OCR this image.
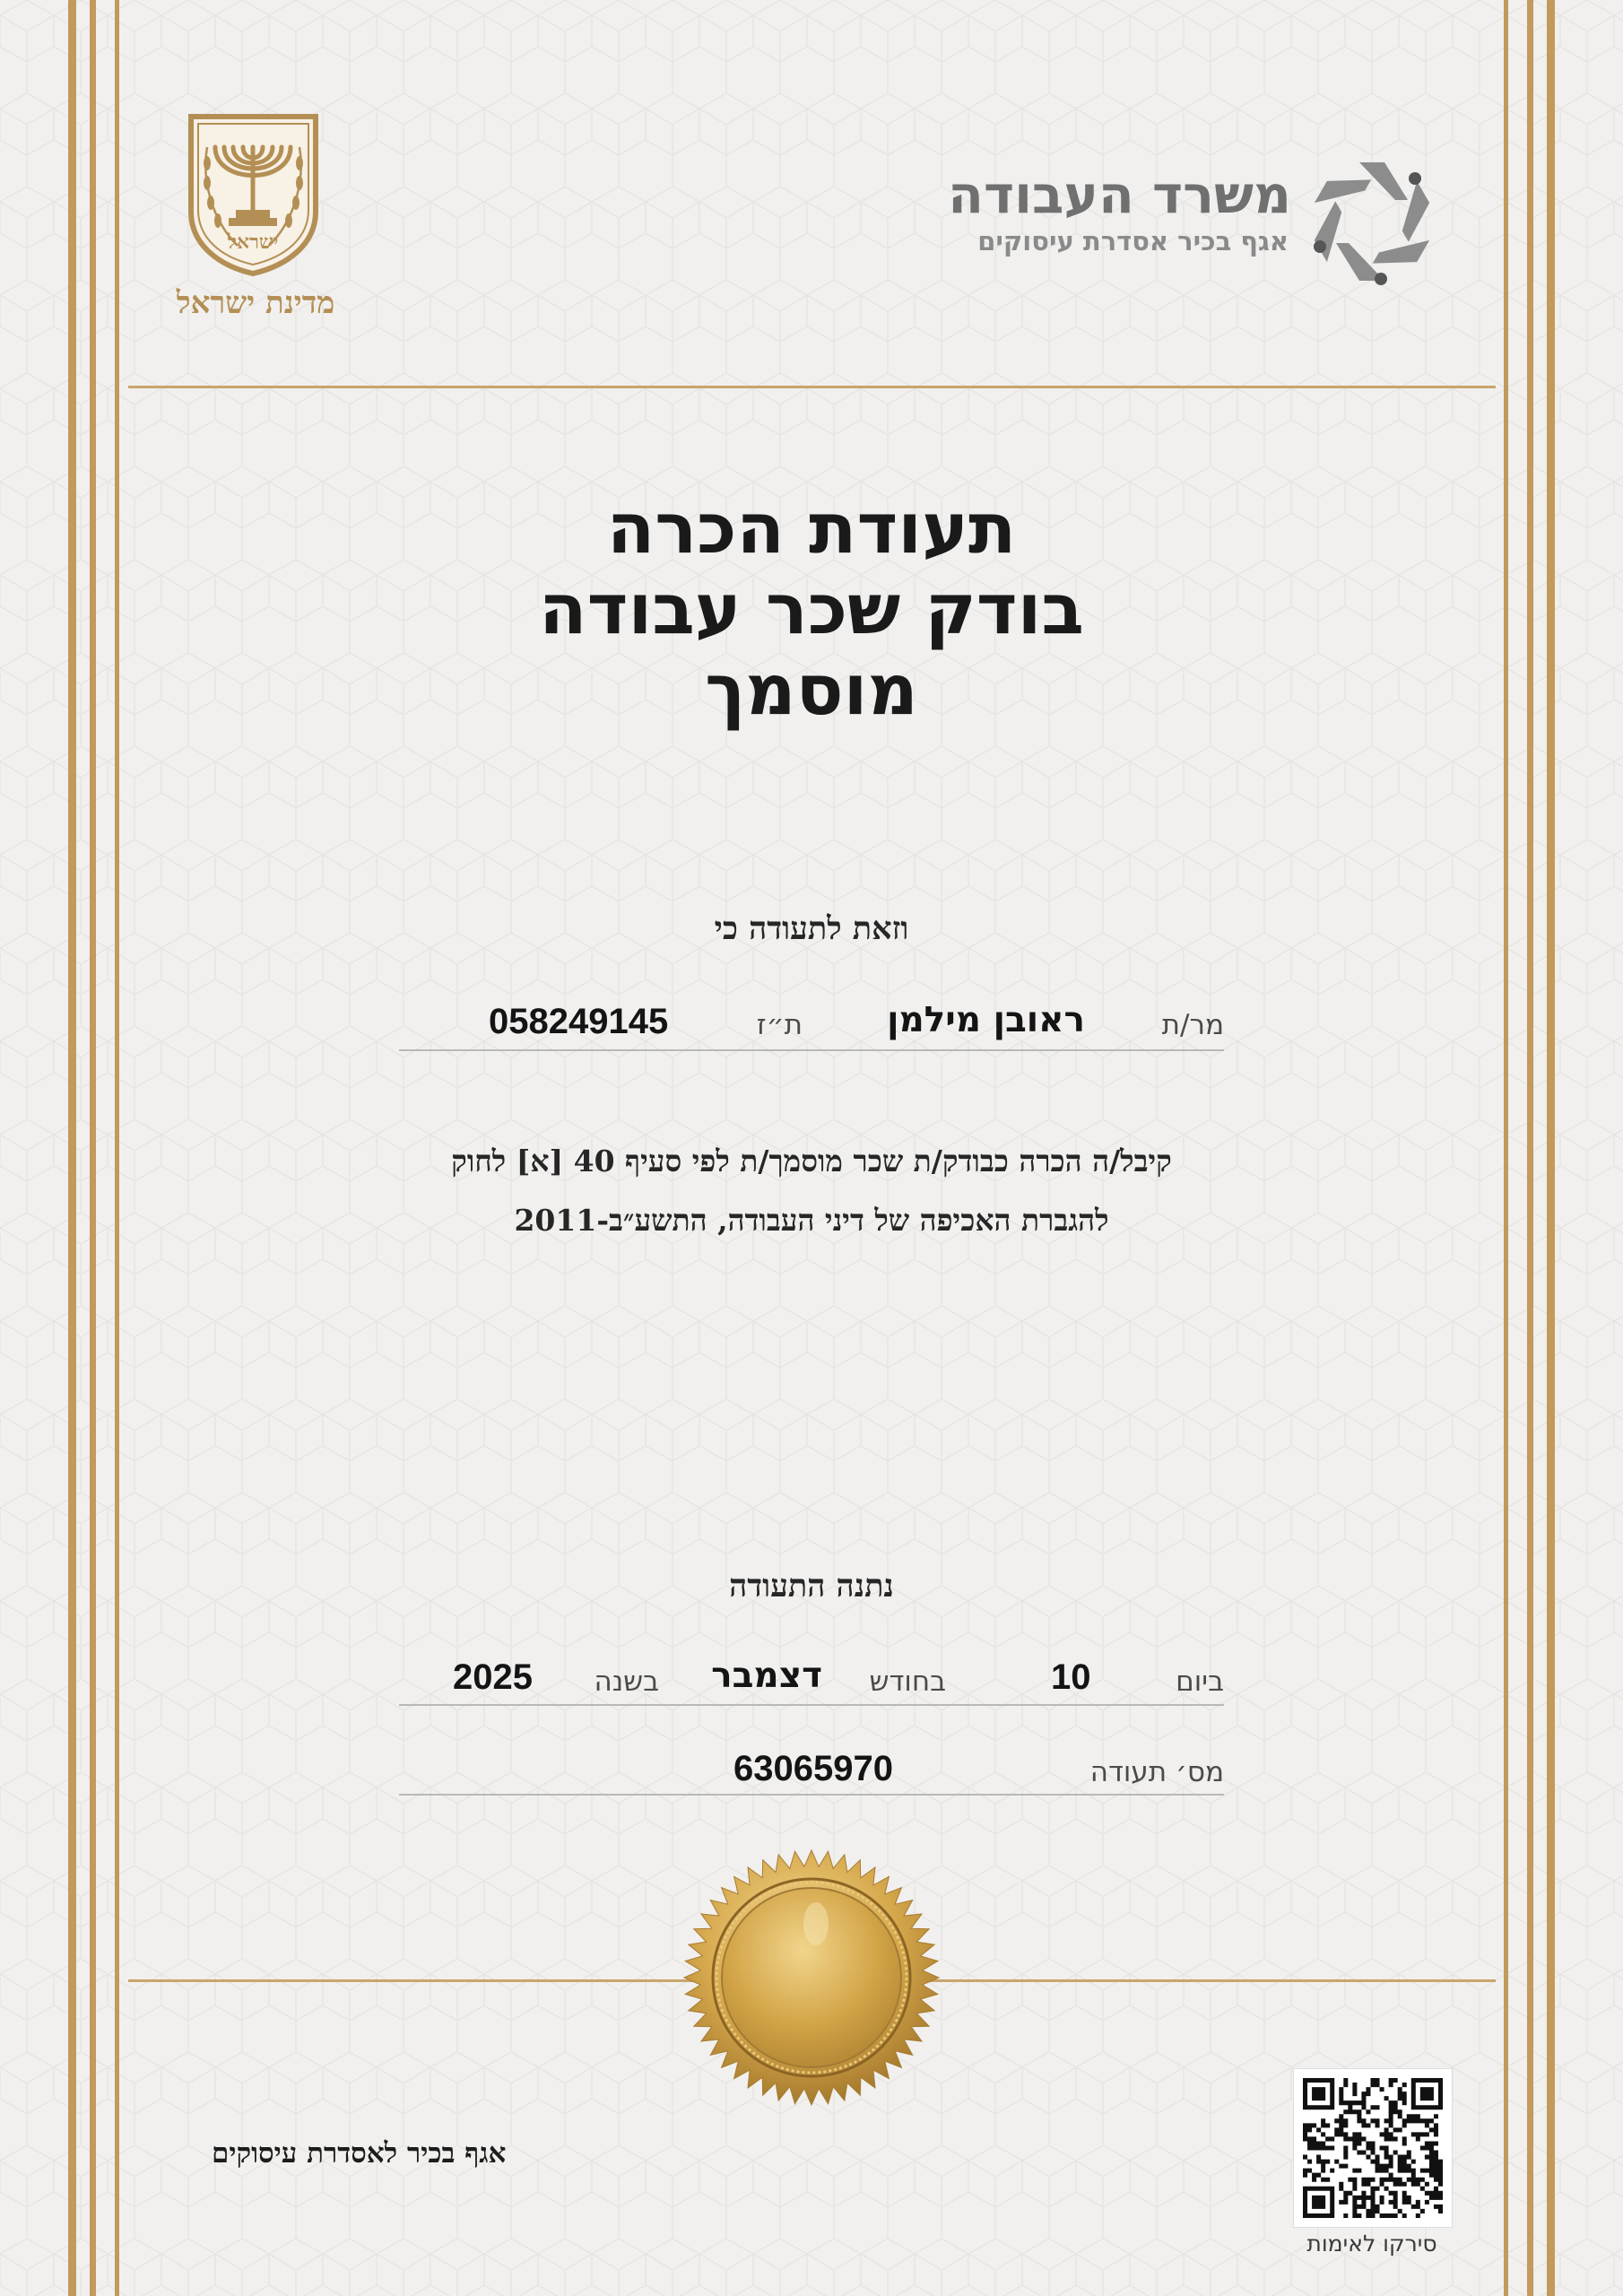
ישראל
מדינת ישראל
משרד העבודה
אגף בכיר אסדרת עיסוקים
תעודת הכרה
בודק שכר עבודה
מוסמך
וזאת לתעודה כי
מר/ת
ראובן מילמן
ת״ז
058249145
קיבל/ה הכרה כבודק/ת שכר מוסמך/ת לפי סעיף 40 [א] לחוק
להגברת האכיפה של דיני העבודה, התשע״ב-2011
נתנה התעודה
ביום
10
בחודש
דצמבר
בשנה
2025
מס׳ תעודה
63065970
אגף בכיר לאסדרת עיסוקים
סירקו לאימות
